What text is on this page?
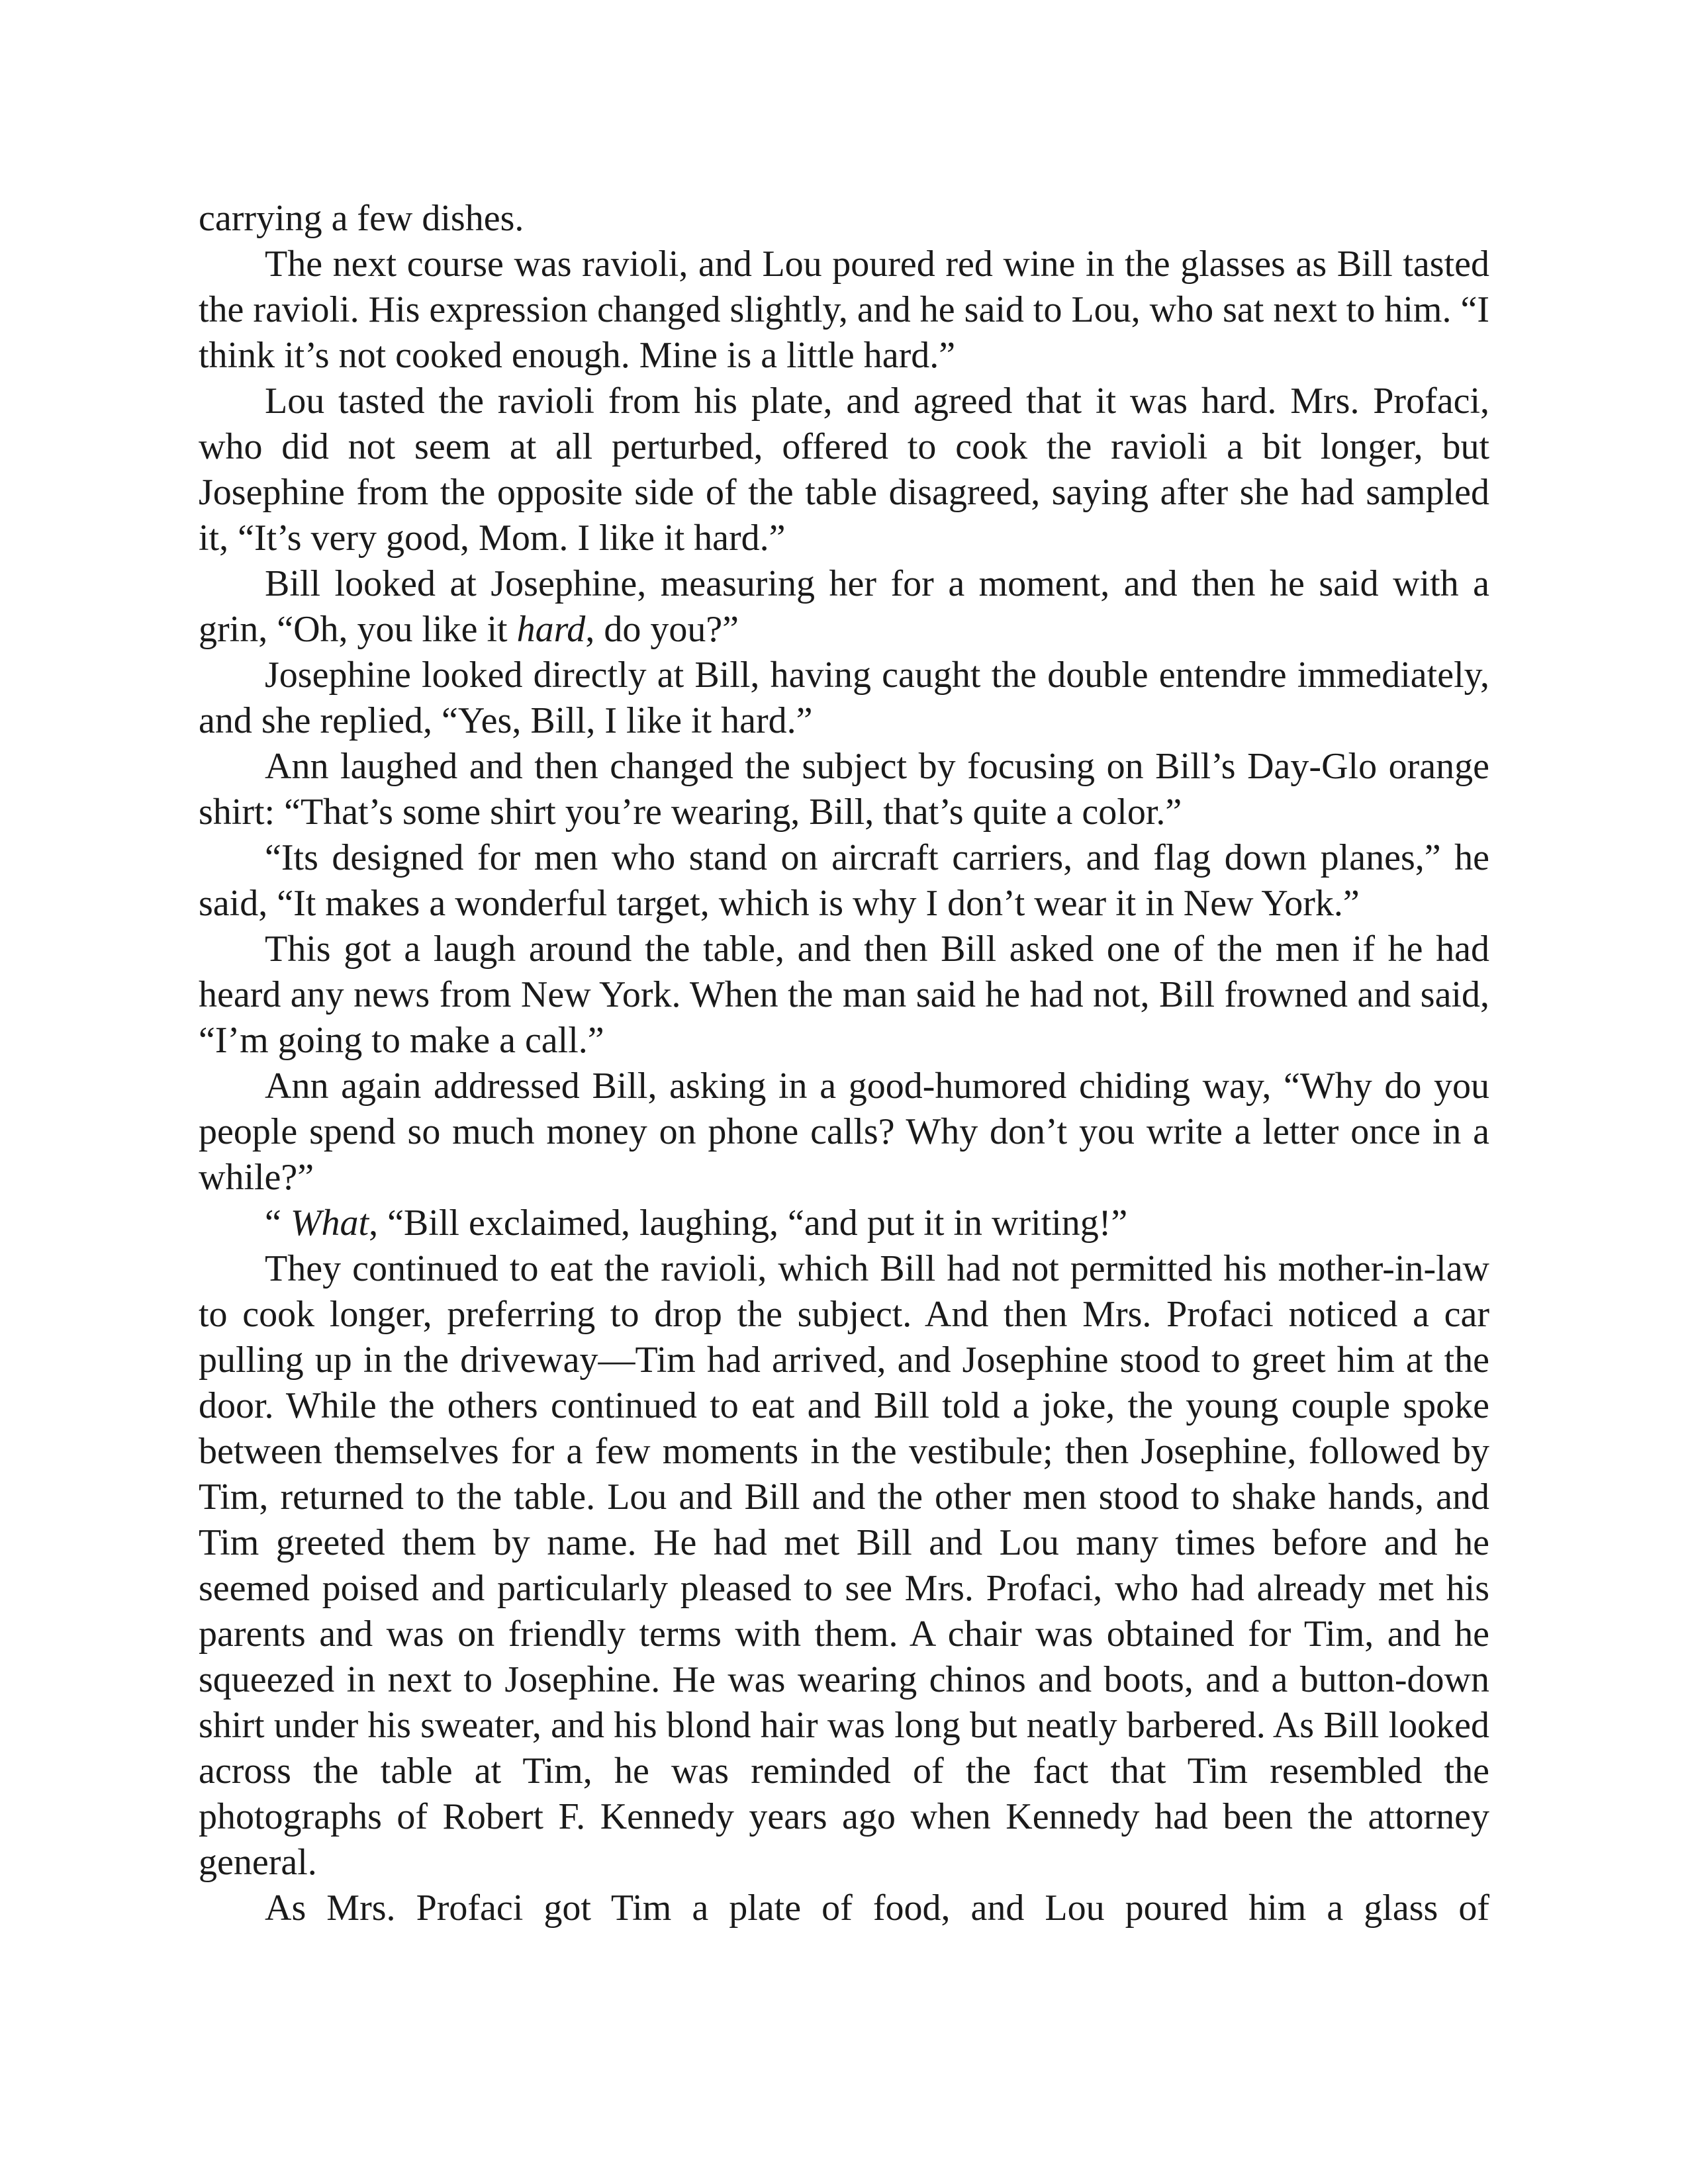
carrying a few dishes.

The next course was ravioli, and Lou poured red wine in the glasses as Bill tasted the ravioli. His expression changed slightly, and he said to Lou, who sat next to him. “I think it’s not cooked enough. Mine is a little hard.”

Lou tasted the ravioli from his plate, and agreed that it was hard. Mrs. Profaci, who did not seem at all perturbed, offered to cook the ravioli a bit longer, but Josephine from the opposite side of the table disagreed, saying after she had sampled it, “It’s very good, Mom. I like it hard.”

Bill looked at Josephine, measuring her for a moment, and then he said with a grin, “Oh, you like it hard, do you?”

Josephine looked directly at Bill, having caught the double entendre immediately, and she replied, “Yes, Bill, I like it hard.”

Ann laughed and then changed the subject by focusing on Bill’s Day-Glo orange shirt: “That’s some shirt you’re wearing, Bill, that’s quite a color.”

“Its designed for men who stand on aircraft carriers, and flag down planes,” he said, “It makes a wonderful target, which is why I don’t wear it in New York.”

This got a laugh around the table, and then Bill asked one of the men if he had heard any news from New York. When the man said he had not, Bill frowned and said, “I’m going to make a call.”

Ann again addressed Bill, asking in a good-humored chiding way, “Why do you people spend so much money on phone calls? Why don’t you write a letter once in a while?”

“ What, “Bill exclaimed, laughing, “and put it in writing!”

They continued to eat the ravioli, which Bill had not permitted his mother-in-law to cook longer, preferring to drop the subject. And then Mrs. Profaci noticed a car pulling up in the driveway—Tim had arrived, and Josephine stood to greet him at the door. While the others continued to eat and Bill told a joke, the young couple spoke between themselves for a few moments in the vestibule; then Josephine, followed by Tim, returned to the table. Lou and Bill and the other men stood to shake hands, and Tim greeted them by name. He had met Bill and Lou many times before and he seemed poised and particularly pleased to see Mrs. Profaci, who had already met his parents and was on friendly terms with them. A chair was obtained for Tim, and he squeezed in next to Josephine. He was wearing chinos and boots, and a button-down shirt under his sweater, and his blond hair was long but neatly barbered. As Bill looked across the table at Tim, he was reminded of the fact that Tim resembled the photographs of Robert F. Kennedy years ago when Kennedy had been the attorney general.

As Mrs. Profaci got Tim a plate of food, and Lou poured him a glass of
